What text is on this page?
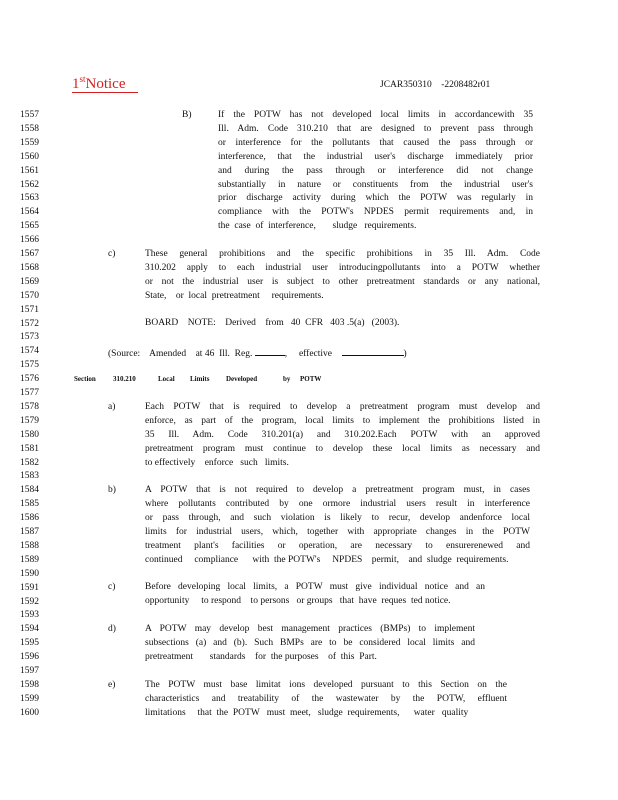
1stNotice	JCAR350310    -2208482r01
1557
1558
1559
1560
1561
1562
1563
1564
1565
1566
1567
1568
1569
1570
1571
1572
1573
1574
1575
1576
1577
1578
1579
1580
1581
1582
1583
1584
1585
1586
1587
1588
1589
1590
1591
1592
1593
1594
1595
1596
1597
1598
1599
1600
B)	If the POTW has not developed local limits in accordancewith 35
Ill. Adm. Code 310.210 that are designed to prevent pass through
or interference for the pollutants that caused the pass through or
interference, that the industrial user's discharge immediately prior
and during the pass through or interference did not change
substantially in nature or constituents from the industrial user's
prior discharge activity during which the POTW was regularly in
compliance with the POTW's NPDES permit requirements and, in
the  case  of  interference,       sludge   requirements.
c)	These general prohibitions and the specific prohibitions in 35 Ill. Adm. Code
310.202 apply to each industrial user introducingpollutants into a POTW whether
or not the industrial user is subject to other pretreatment standards or any national,
State,    or  local  pretreatment     requirements.
BOARD    NOTE:    Derived    from   40  CFR   403 .5(a)   (2003).
(Source:    Amended    at 46  Ill.  Reg.	,     effective	)
Section 310.210	Local Limits Developed	by POTW
a)	Each POTW that is required to develop a pretreatment program must develop and
enforce, as part of the program, local limits to implement the prohibitions listed in
35 Ill. Adm. Code 310.201(a) and 310.202.Each POTW with an approved
pretreatment program must continue to develop these local limits as necessary and
to effectively    enforce   such   limits.
b)	A POTW that is not required to develop a pretreatment program must, in cases
where pollutants contributed by one ormore industrial users result in interference
or pass through, and such violation is likely to recur, develop andenforce local
limits for industrial users, which, together with appropriate changes in the POTW
treatment plant's facilities or operation, are necessary to ensurerenewed and
continued     compliance      with  the POTW's     NPDES    permit,    and  sludge  requirements.
c)	Before developing local limits, a POTW must give individual notice and an
opportunity     to respond    to persons   or groups   that  have  reques  ted notice.
d)	A POTW may develop best management practices (BMPs) to implement
subsections (a) and (b). Such BMPs are to be considered local limits and
pretreatment       standards    for  the purposes    of  this  Part.
e)	The POTW must base limitat ions developed pursuant to this Section on the
characteristics and treatability of the wastewater by the POTW, effluent
limitations     that  the  POTW   must  meet,   sludge  requirements,      water   quality
